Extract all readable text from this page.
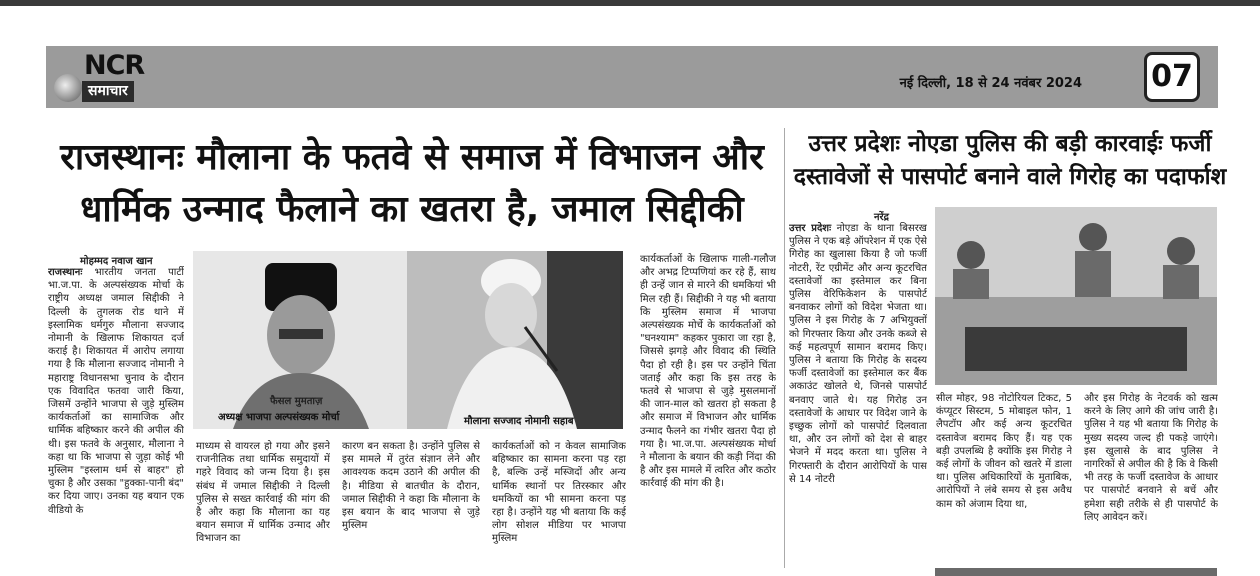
NCR
समाचार	नई दिल्ली, 18 से 24 नवंबर 2024 07
राजस्थानः मौलाना के फतवे से समाज में विभाजन और
धार्मिक उन्माद फैलाने का खतरा है, जमाल सिद्दीकी
मोहम्मद नवाज खान
राजस्थानः भारतीय जनता पार्टी भा.ज.पा. के अल्पसंख्यक मोर्चा के राष्ट्रीय अध्यक्ष जमाल सिद्दीकी ने दिल्ली के तुगलक रोड थाने में इस्लामिक धर्मगुरु मौलाना सज्जाद नोमानी के खिलाफ शिकायत दर्ज कराई है। शिकायत में आरोप लगाया गया है कि मौलाना सज्जाद नोमानी ने महाराष्ट्र विधानसभा चुनाव के दौरान एक विवादित फतवा जारी किया, जिसमें उन्होंने भाजपा से जुड़े मुस्लिम कार्यकर्ताओं का सामाजिक और धार्मिक बहिष्कार करने की अपील की थी। इस फतवे के अनुसार, मौलाना ने कहा था कि भाजपा से जुड़ा कोई भी मुस्लिम "इस्लाम धर्म से बाहर" हो चुका है और उसका "हुक्का-पानी बंद" कर दिया जाए। उनका यह बयान एक वीडियो के
फैसल मुमताज़
अध्यक्ष भाजपा अल्पसंख्यक मोर्चा	मौलाना सज्जाद नोमानी सहाब
माध्यम से वायरल हो गया और इसने राजनीतिक तथा धार्मिक समुदायों में गहरे विवाद को जन्म दिया है। इस संबंध में जमाल सिद्दीकी ने दिल्ली पुलिस से सख्त कार्रवाई की मांग की है और कहा कि मौलाना का यह बयान समाज में धार्मिक उन्माद और विभाजन का
कारण बन सकता है। उन्होंने पुलिस से इस मामले में तुरंत संज्ञान लेने और आवश्यक कदम उठाने की अपील की है। मीडिया से बातचीत के दौरान, जमाल सिद्दीकी ने कहा कि मौलाना के इस बयान के बाद भाजपा से जुड़े मुस्लिम
कार्यकर्ताओं को न केवल सामाजिक बहिष्कार का सामना करना पड़ रहा है, बल्कि उन्हें मस्जिदों और अन्य धार्मिक स्थानों पर तिरस्कार और धमकियों का भी सामना करना पड़ रहा है। उन्होंने यह भी बताया कि कई लोग सोशल मीडिया पर भाजपा मुस्लिम
कार्यकर्ताओं के खिलाफ गाली-गलौज और अभद्र टिप्पणियां कर रहे हैं, साथ ही उन्हें जान से मारने की धमकियां भी मिल रही हैं। सिद्दीकी ने यह भी बताया कि मुस्लिम समाज में भाजपा अल्पसंख्यक मोर्चे के कार्यकर्ताओं को "घनश्याम" कहकर पुकारा जा रहा है, जिससे झगड़े और विवाद की स्थिति पैदा हो रही है। इस पर उन्होंने चिंता जताई और कहा कि इस तरह के फतवे से भाजपा से जुड़े मुसलमानों की जान-माल को खतरा हो सकता है और समाज में विभाजन और धार्मिक उन्माद फैलने का गंभीर खतरा पैदा हो गया है। भा.ज.पा. अल्पसंख्यक मोर्चा ने मौलाना के बयान की कड़ी निंदा की है और इस मामले में त्वरित और कठोर कार्रवाई की मांग की है।
उत्तर प्रदेशः नोएडा पुलिस की बड़ी कारवाईः फर्जी
दस्तावेजों से पासपोर्ट बनाने वाले गिरोह का पदार्फाश
नरेंद्र
उत्तर प्रदेशः नोएडा के थाना बिसरख पुलिस ने एक बड़े ऑपरेशन में एक ऐसे गिरोह का खुलासा किया है जो फर्जी नोटरी, रेंट एग्रीमेंट और अन्य कूटरचित दस्तावेजों का इस्तेमाल कर बिना पुलिस वेरिफिकेशन के पासपोर्ट बनवाकर लोगों को विदेश भेजता था। पुलिस ने इस गिरोह के 7 अभियुक्तों को गिरफ्तार किया और उनके कब्जे से कई महत्वपूर्ण सामान बरामद किए। पुलिस ने बताया कि गिरोह के सदस्य फर्जी दस्तावेजों का इस्तेमाल कर बैंक अकाउंट खोलते थे, जिनसे पासपोर्ट बनवाए जाते थे। यह गिरोह उन दस्तावेजों के आधार पर विदेश जाने के इच्छुक लोगों को पासपोर्ट दिलवाता था, और उन लोगों को देश से बाहर भेजने में मदद करता था। पुलिस ने गिरफ्तारी के दौरान आरोपियों के पास से 14 नोटरी
सील मोहर, 98 नोटोरियल टिकट, 5 कंप्यूटर सिस्टम, 5 मोबाइल फोन, 1 लैपटॉप और कई अन्य कूटरचित दस्तावेज बरामद किए हैं। यह एक बड़ी उपलब्धि है क्योंकि इस गिरोह ने कई लोगों के जीवन को खतरे में डाला था। पुलिस अधिकारियों के मुताबिक, आरोपियों ने लंबे समय से इस अवैध काम को अंजाम दिया था,
और इस गिरोह के नेटवर्क को खत्म करने के लिए आगे की जांच जारी है। पुलिस ने यह भी बताया कि गिरोह के मुख्य सदस्य जल्द ही पकड़े जाएंगे। इस खुलासे के बाद पुलिस ने नागरिकों से अपील की है कि वे किसी भी तरह के फर्जी दस्तावेज के आधार पर पासपोर्ट बनवाने से बचें और हमेशा सही तरीके से ही पासपोर्ट के लिए आवेदन करें।
